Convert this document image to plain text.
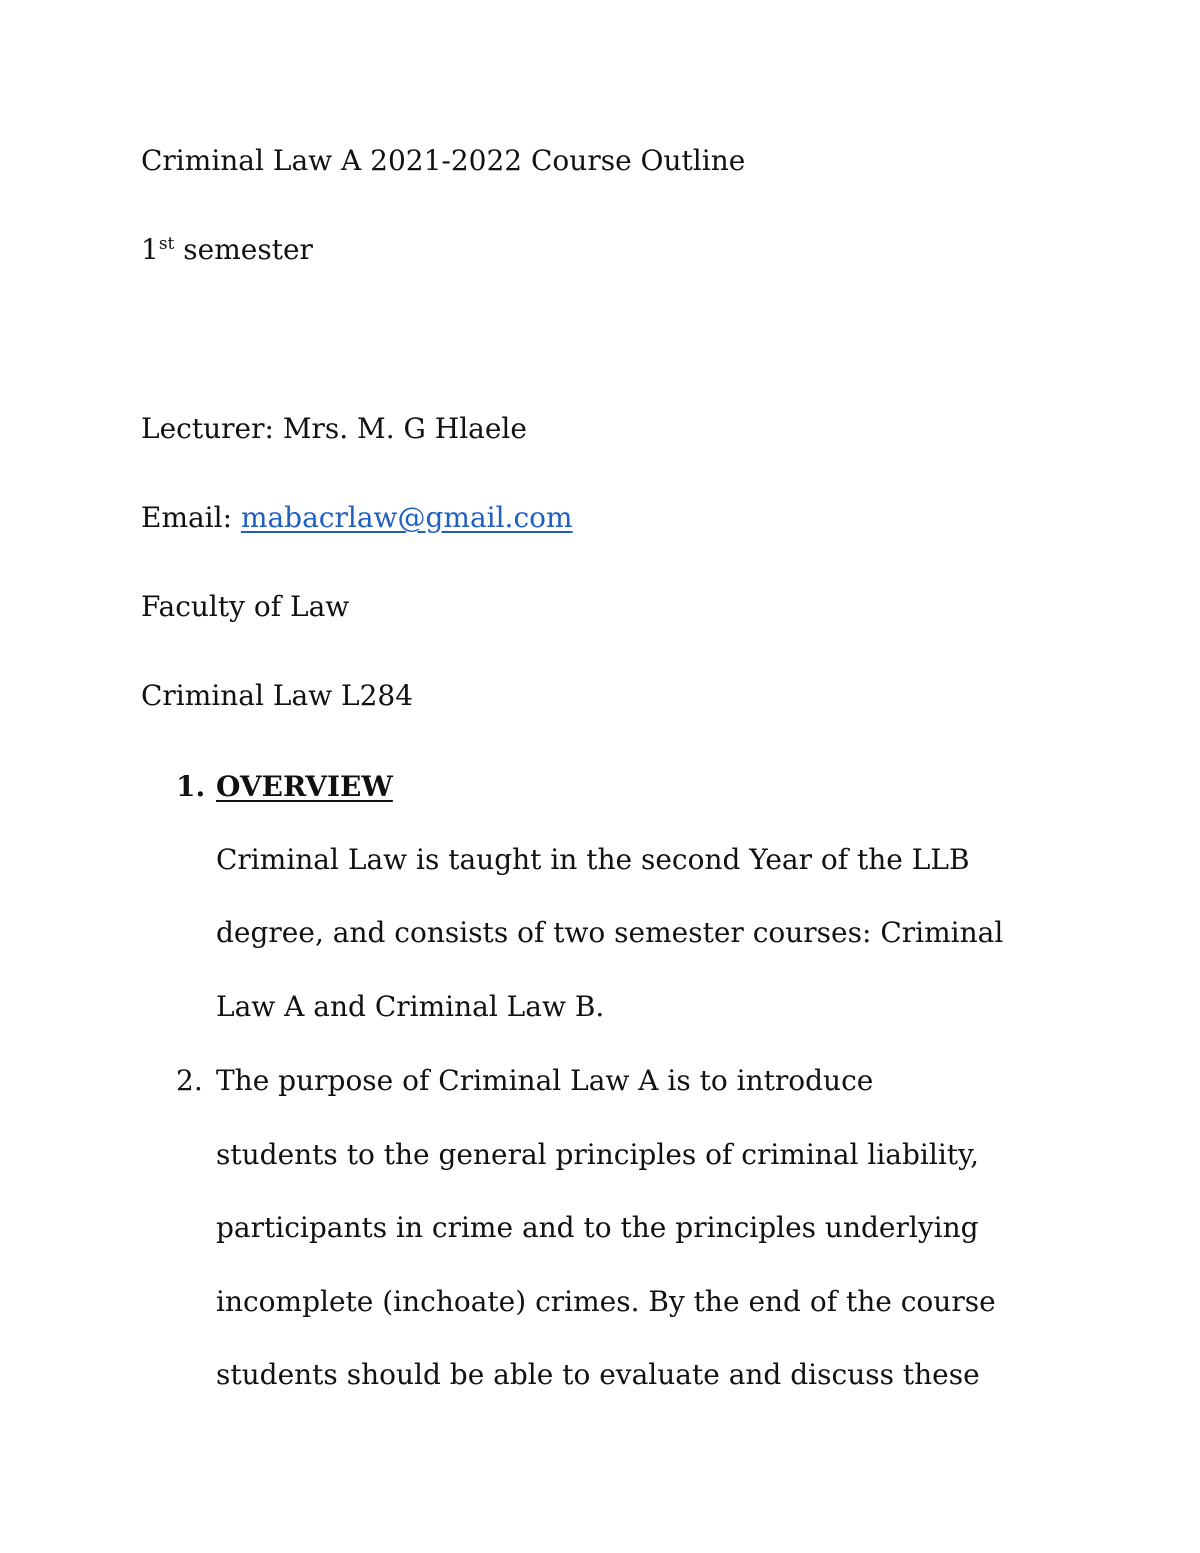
Criminal Law A 2021-2022 Course Outline
1st semester
Lecturer: Mrs. M. G Hlaele
Email: mabacrlaw@gmail.com
Faculty of Law
Criminal Law L284
1. OVERVIEW
Criminal Law is taught in the second Year of the LLB
degree, and consists of two semester courses: Criminal
Law A and Criminal Law B.
2. The purpose of Criminal Law A is to introduce
students to the general principles of criminal liability,
participants in crime and to the principles underlying
incomplete (inchoate) crimes. By the end of the course
students should be able to evaluate and discuss these
